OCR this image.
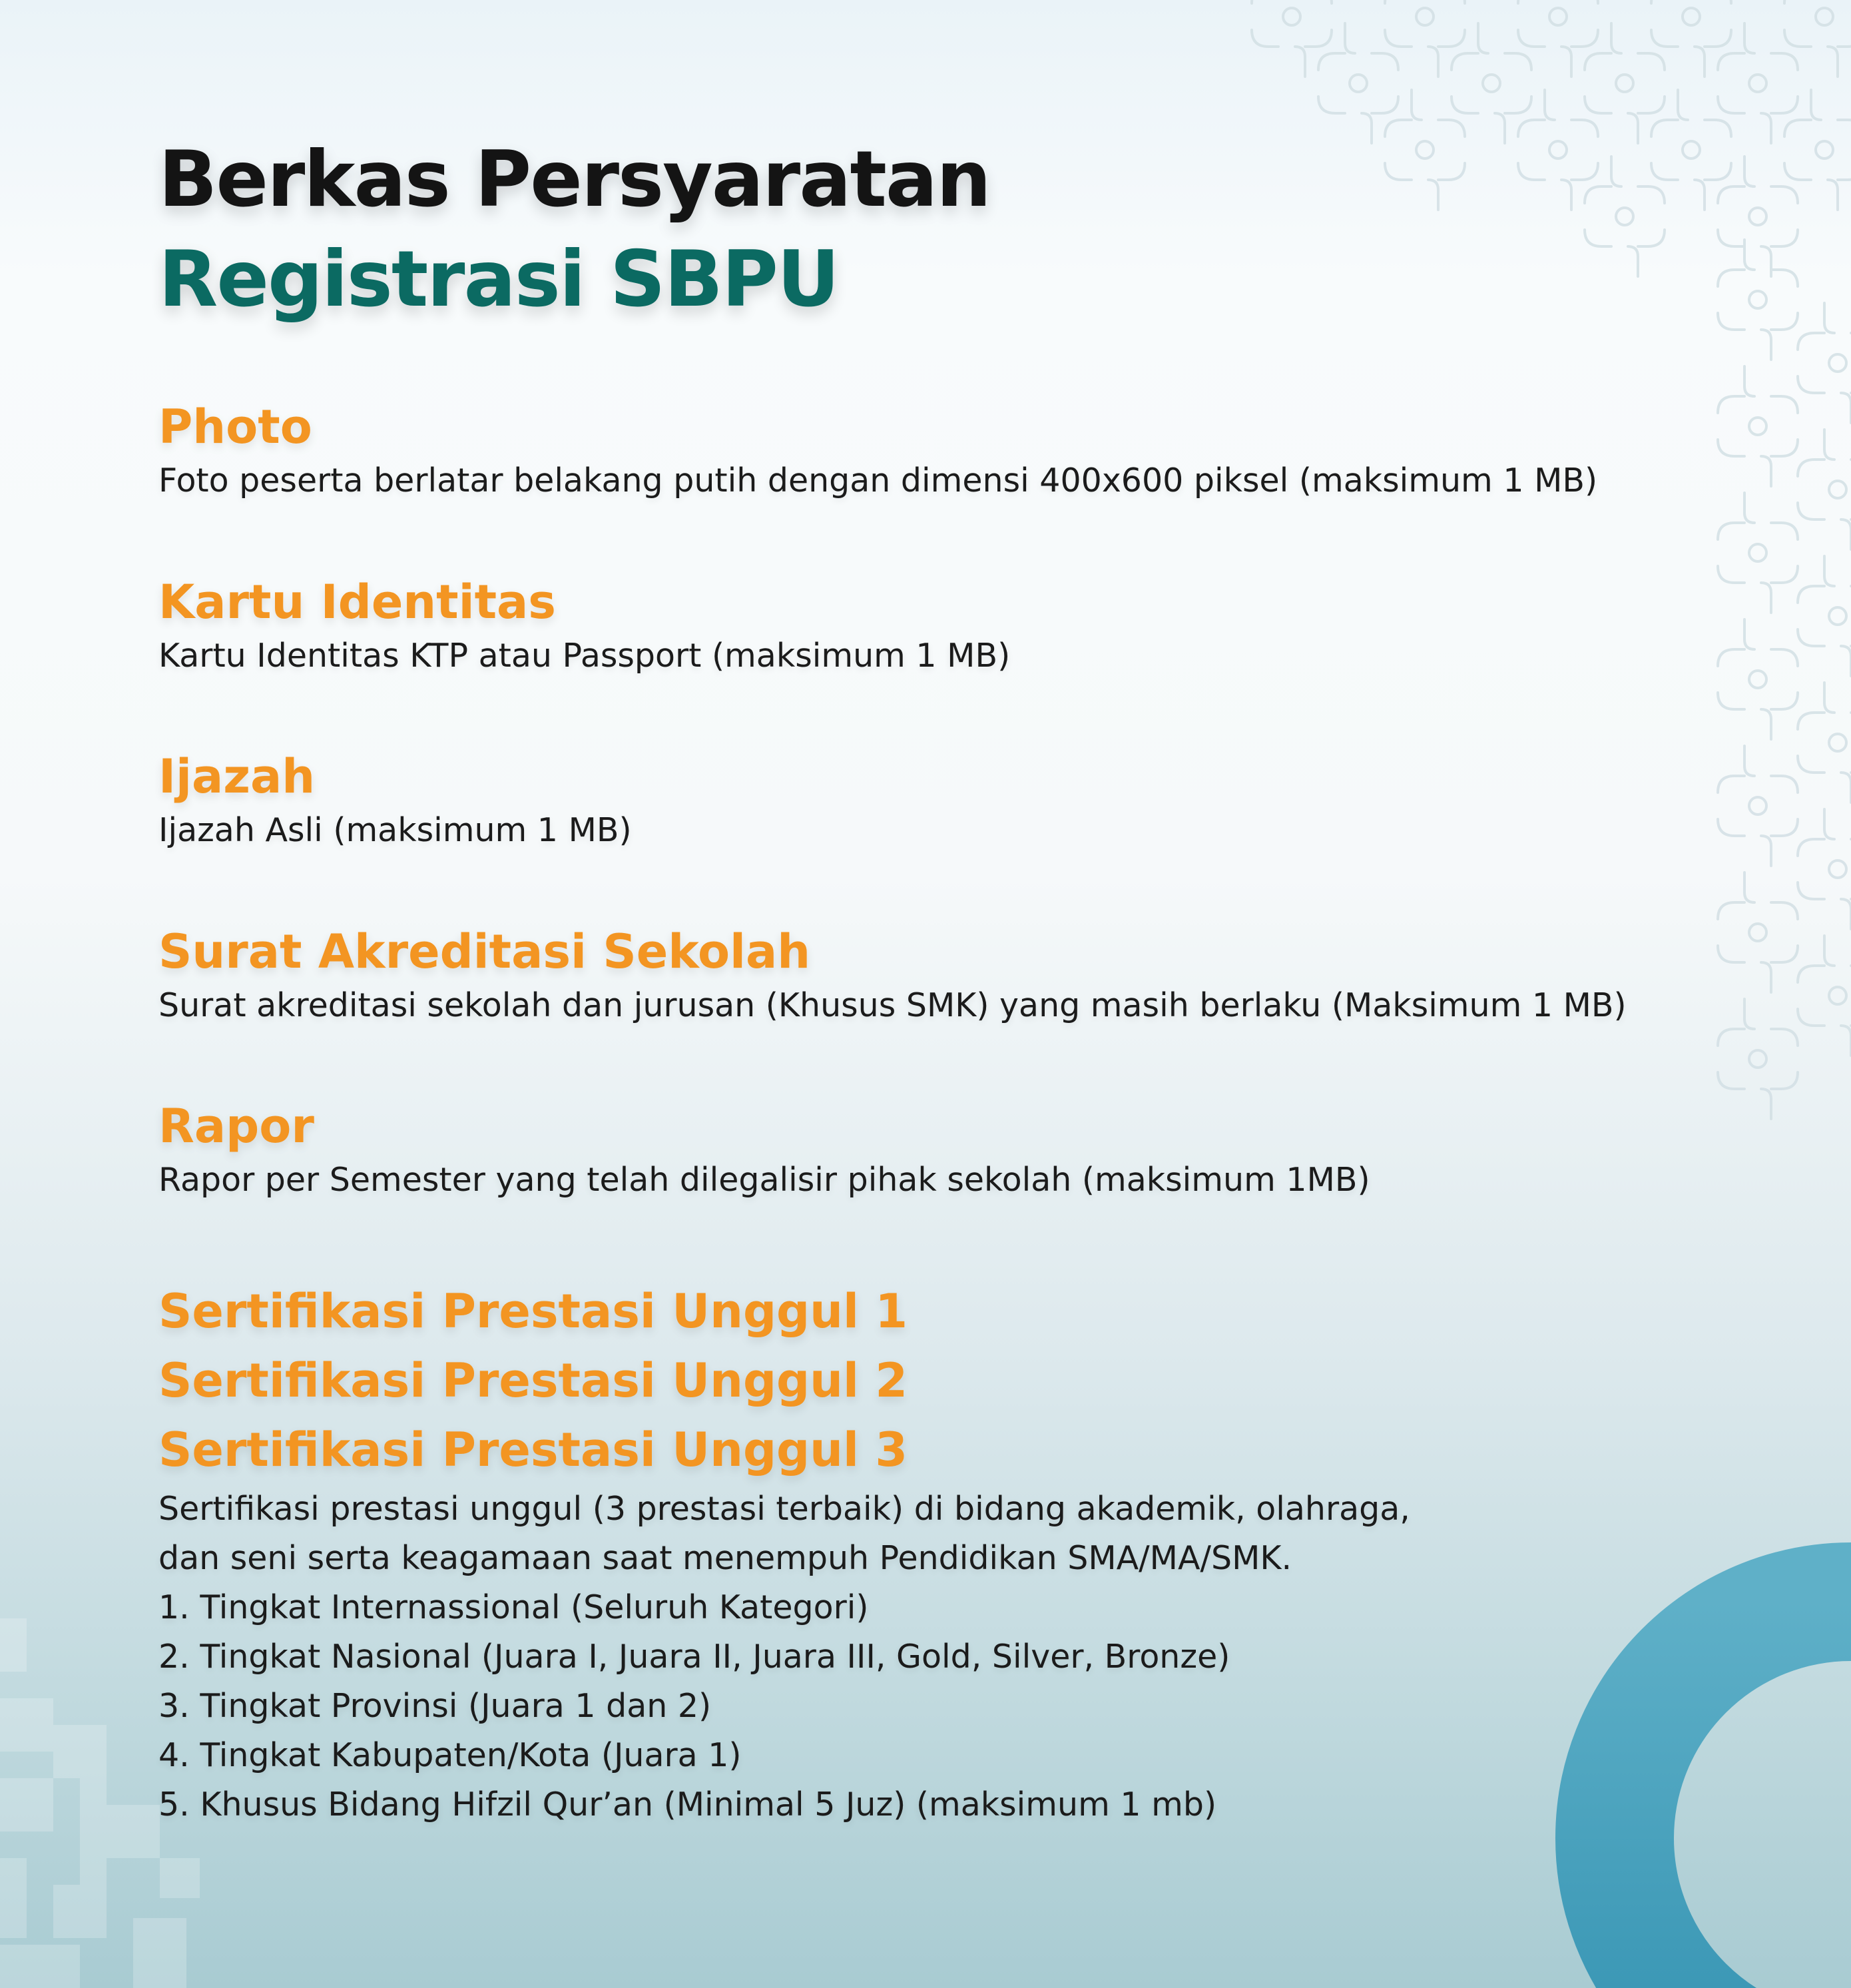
Berkas Persyaratan
Registrasi SBPU
Photo
Foto peserta berlatar belakang putih dengan dimensi 400x600 piksel (maksimum 1 MB)
Kartu Identitas
Kartu Identitas KTP atau Passport (maksimum 1 MB)
Ijazah
Ijazah Asli (maksimum 1 MB)
Surat Akreditasi Sekolah
Surat akreditasi sekolah dan jurusan (Khusus SMK) yang masih berlaku (Maksimum 1 MB)
Rapor
Rapor per Semester yang telah dilegalisir pihak sekolah (maksimum 1MB)
Sertifikasi Prestasi Unggul 1
Sertifikasi Prestasi Unggul 2
Sertifikasi Prestasi Unggul 3
Sertifikasi prestasi unggul (3 prestasi terbaik) di bidang akademik, olahraga,
dan seni serta keagamaan saat menempuh Pendidikan SMA/MA/SMK.
1. Tingkat Internassional (Seluruh Kategori)
2. Tingkat Nasional (Juara I, Juara II, Juara III, Gold, Silver, Bronze)
3. Tingkat Provinsi (Juara 1 dan 2)
4. Tingkat Kabupaten/Kota (Juara 1)
5. Khusus Bidang Hifzil Qur’an (Minimal 5 Juz) (maksimum 1 mb)
